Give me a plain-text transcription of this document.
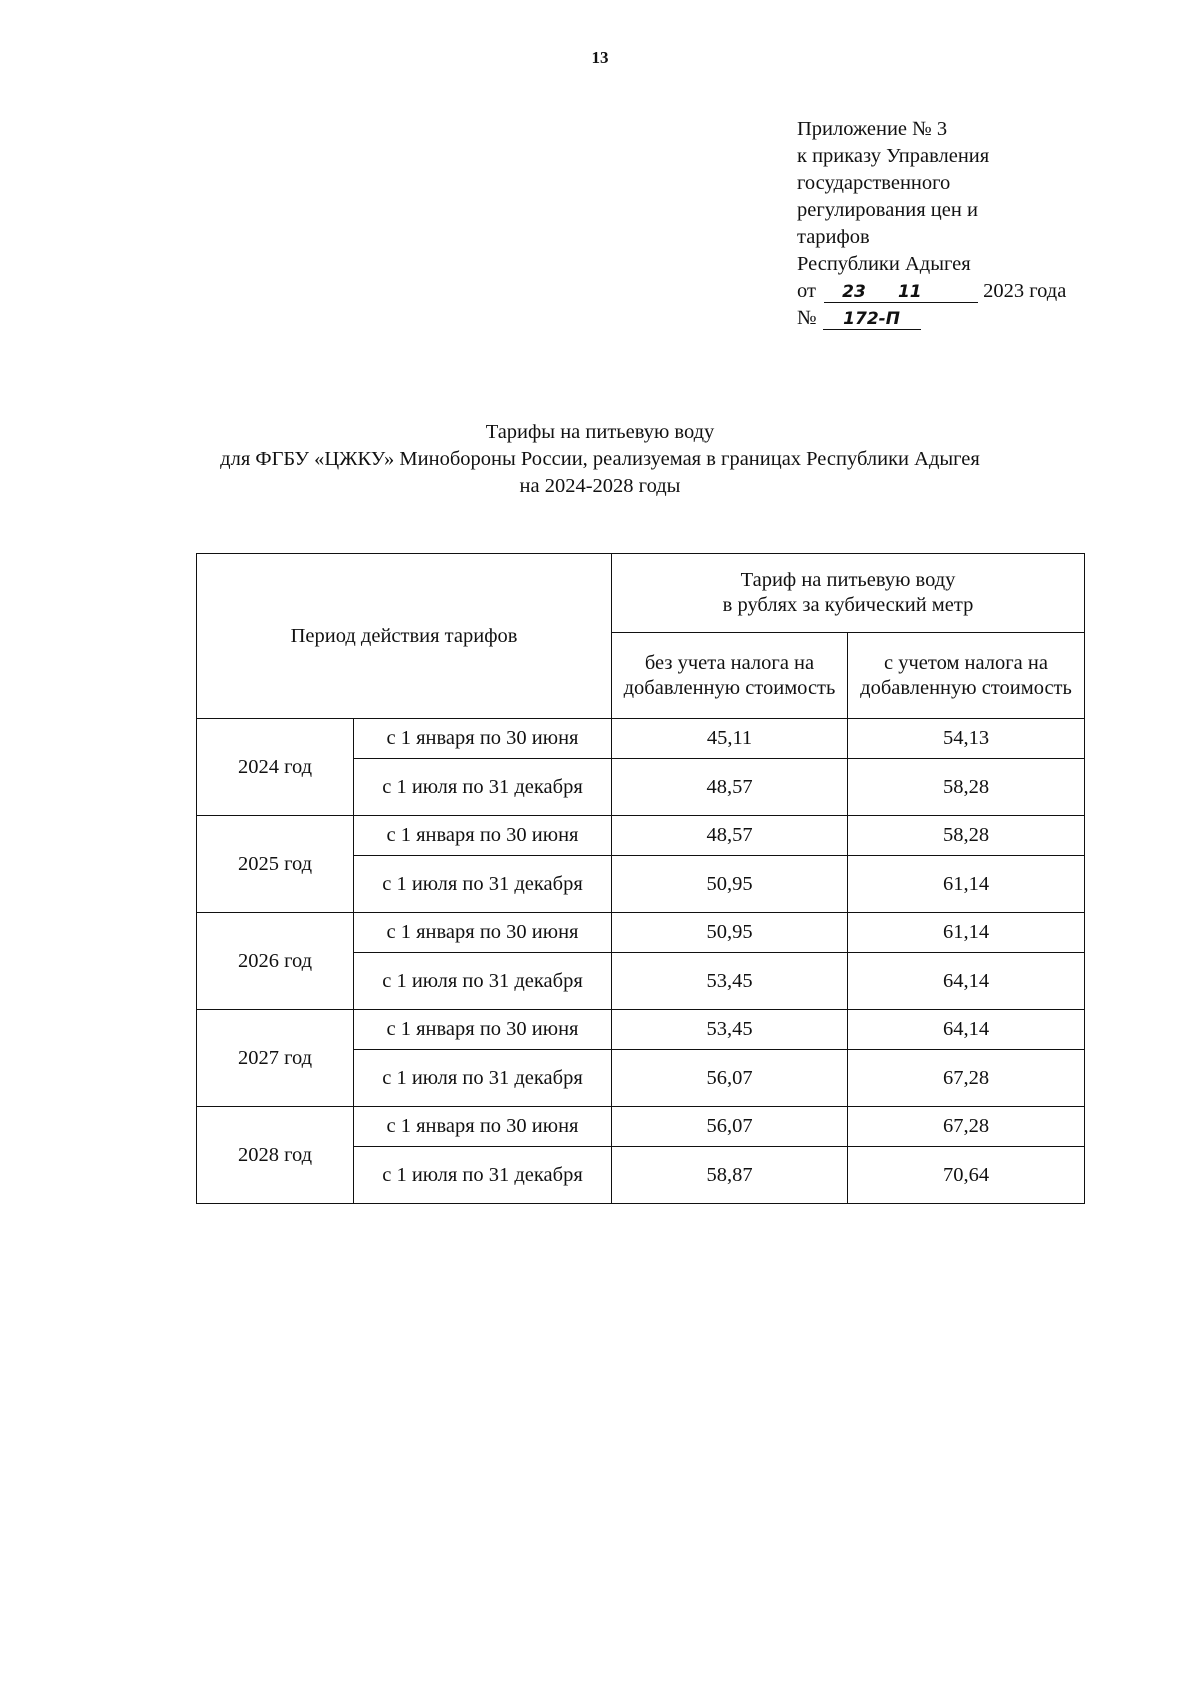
13
Приложение № 3
к приказу Управления
государственного
регулирования цен и
тарифов
Республики Адыгея
от 23 11	2023 года
№ 172-П
Тарифы на питьевую воду
для ФГБУ «ЦЖКУ» Минобороны России, реализуемая в границах Республики Адыгея
на 2024-2028 годы
Период действия тарифов		Тариф на питьевую воду
в рублях за кубический метр	

		без учета налога на добавленную стоимость	с учетом налога на добавленную стоимость
2024 год	с 1 января по 30 июня	45,11	54,13
	с 1 июля по 31 декабря	48,57	58,28
2025 год	с 1 января по 30 июня	48,57	58,28
	с 1 июля по 31 декабря	50,95	61,14
2026 год	с 1 января по 30 июня	50,95	61,14
	с 1 июля по 31 декабря	53,45	64,14
2027 год	с 1 января по 30 июня	53,45	64,14
	с 1 июля по 31 декабря	56,07	67,28
2028 год	с 1 января по 30 июня	56,07	67,28
	с 1 июля по 31 декабря	58,87	70,64
